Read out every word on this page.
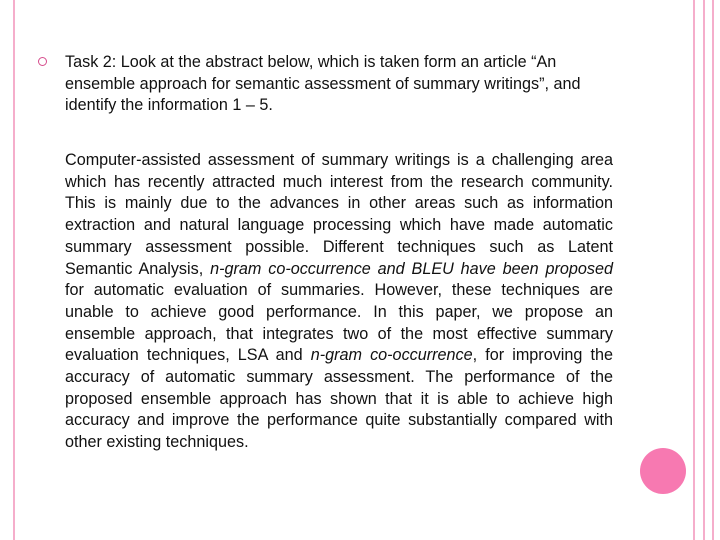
Task 2: Look at the abstract below, which is taken form an article “An ensemble approach for semantic assessment of summary writings”, and identify the information 1 – 5.

Computer-assisted assessment of summary writings is a challenging area which has recently attracted much interest from the research community. This is mainly due to the advances in other areas such as information extraction and natural language processing which have made automatic summary assessment possible. Different techniques such as Latent Semantic Analysis, n-gram co-occurrence and BLEU have been proposed for automatic evaluation of summaries. However, these techniques are unable to achieve good performance. In this paper, we propose an ensemble approach, that integrates two of the most effective summary evaluation techniques, LSA and n-gram co-occurrence, for improving the accuracy of automatic summary assessment. The performance of the proposed ensemble approach has shown that it is able to achieve high accuracy and improve the performance quite substantially compared with other existing techniques.
